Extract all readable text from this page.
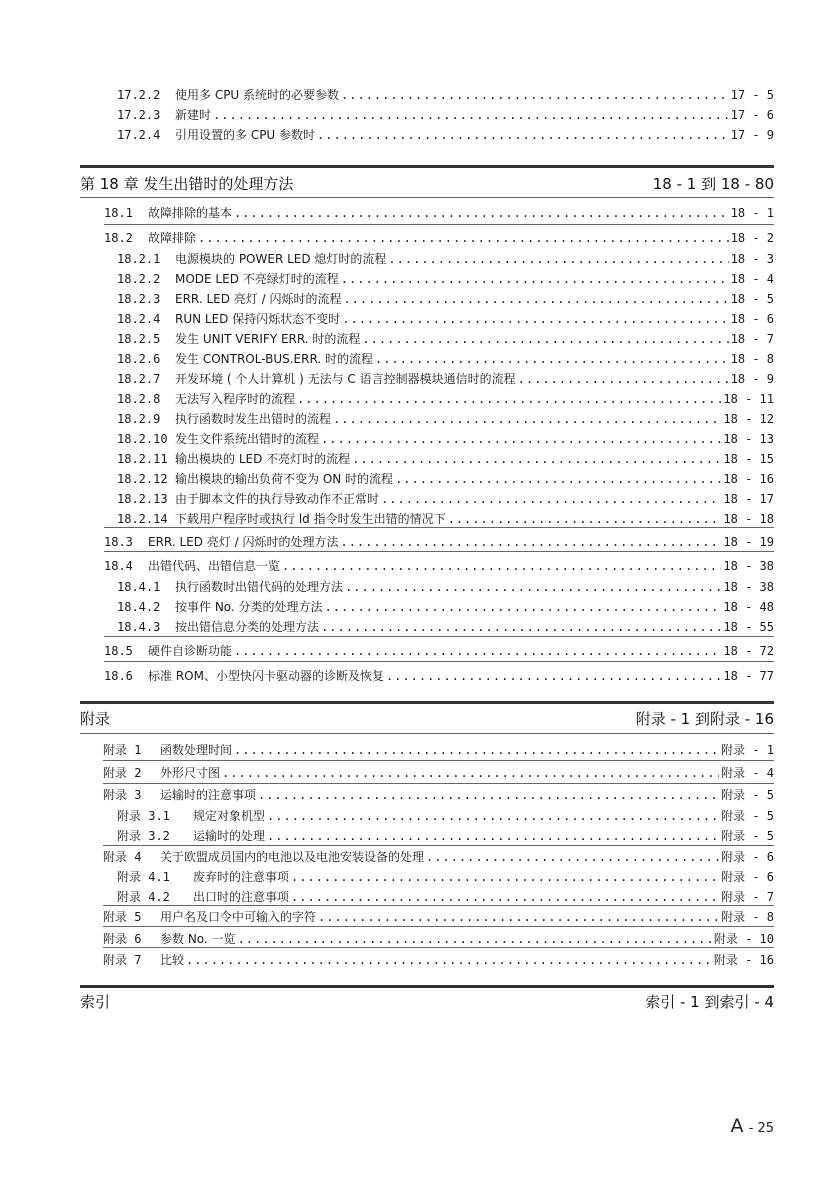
17.2.2	使用多 CPU 系统时的必要参数 .....	17 - 5
17.2.3	新建时 .....	17 - 6
17.2.4	引用设置的多 CPU 参数时 .....	17 - 9
第 18 章 发生出错时的处理方法	18 - 1 到 18 - 80
18.1	故障排除的基本 .....	18 - 1
18.2	故障排除 .....	18 - 2
18.2.1	电源模块的 POWER LED 熄灯时的流程 .....	18 - 3
18.2.2	MODE LED 不亮绿灯时的流程 .....	18 - 4
18.2.3	ERR. LED 亮灯 / 闪烁时的流程 .....	18 - 5
18.2.4	RUN LED 保持闪烁状态不变时 .....	18 - 6
18.2.5	发生 UNIT VERIFY ERR. 时的流程 .....	18 - 7
18.2.6	发生 CONTROL-BUS.ERR. 时的流程 .....	18 - 8
18.2.7	开发环境 ( 个人计算机 ) 无法与 C 语言控制器模块通信时的流程 .....	18 - 9
18.2.8	无法写入程序时的流程 .....	18 - 11
18.2.9	执行函数时发生出错时的流程 .....	18 - 12
18.2.10 发生文件系统出错时的流程 .....	18 - 13
18.2.11 输出模块的 LED 不亮灯时的流程 .....	18 - 15
18.2.12 输出模块的输出负荷不变为 ON 时的流程 .....	18 - 16
18.2.13 由于脚本文件的执行导致动作不正常时 .....	18 - 17
18.2.14 下载用户程序时或执行 ld 指令时发生出错的情况下 .....	18 - 18
18.3	ERR. LED 亮灯 / 闪烁时的处理方法 .....	18 - 19
18.4	出错代码、出错信息一览 .....	18 - 38
18.4.1	执行函数时出错代码的处理方法 .....	18 - 38
18.4.2	按事件 No. 分类的处理方法 .....	18 - 48
18.4.3	按出错信息分类的处理方法 .....	18 - 55
18.5	硬件自诊断功能 .....	18 - 72
18.6	标准 ROM、小型快闪卡驱动器的诊断及恢复 .....	18 - 77
附录	附录 - 1 到附录 - 16
附录 1	函数处理时间 .....	附录 - 1
附录 2	外形尺寸图 .....	附录 - 4
附录 3	运输时的注意事项 .....	附录 - 5
附录 3.1	规定对象机型 .....	附录 - 5
附录 3.2	运输时的处理 .....	附录 - 5
附录 4	关于欧盟成员国内的电池以及电池安装设备的处理 .....	附录 - 6
附录 4.1	废弃时的注意事项 .....	附录 - 6
附录 4.2	出口时的注意事项 .....	附录 - 7
附录 5	用户名及口令中可输入的字符 .....	附录 - 8
附录 6	参数 No. 一览 .....	附录 - 10
附录 7	比较 .....	附录 - 16
索引	索引 - 1 到索引 - 4
A - 25
